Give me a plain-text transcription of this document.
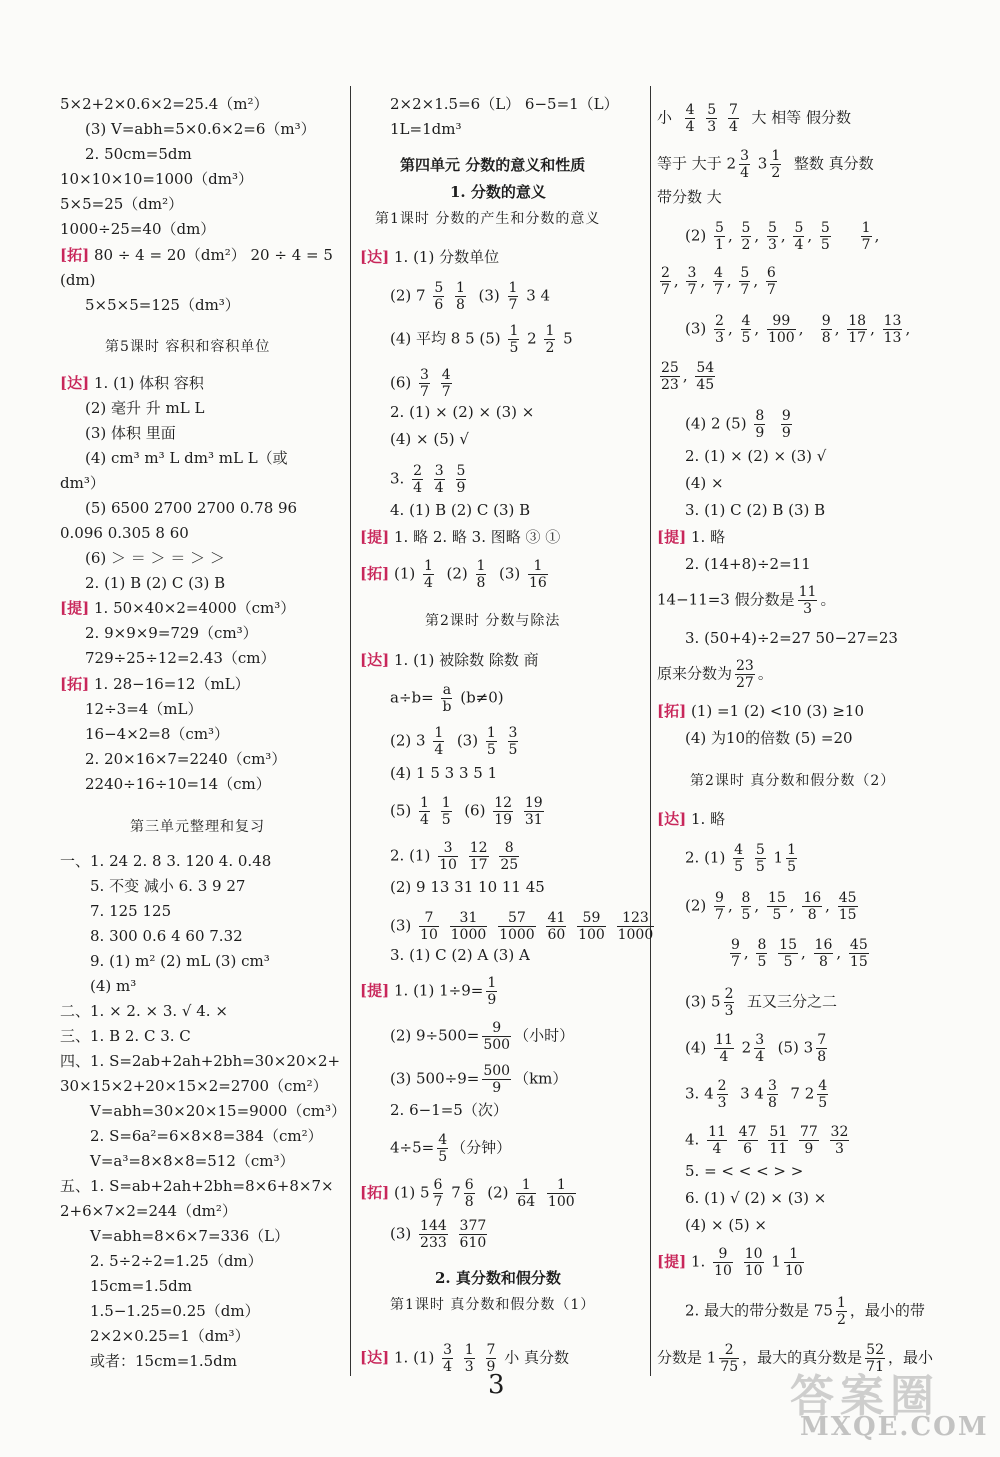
5×2+2×0.6×2=25.4（m²）
(3) V=abh=5×0.6×2=6（m³）
2. 50cm=5dm
10×10×10=1000（dm³）
5×5=25（dm²）
1000÷25=40（dm）
[拓] 80 ÷ 4 = 20（dm²） 20 ÷ 4 = 5
(dm)
5×5×5=125（dm³）
第5课时 容积和容积单位
[达] 1. (1) 体积 容积
(2) 毫升 升 mL L
(3) 体积 里面
(4) cm³ m³ L dm³ mL L（或
dm³）
(5) 6500 2700 2700 0.78 96
0.096 0.305 8 60
(6) ＞ ＝ ＞ ＝ ＞ ＞
2. (1) B (2) C (3) B
[提] 1. 50×40×2=4000（cm³）
2. 9×9×9=729（cm³）
729÷25÷12=2.43（cm）
[拓] 1. 28−16=12（mL）
12÷3=4（mL）
16−4×2=8（cm³）
2. 20×16×7=2240（cm³）
2240÷16÷10=14（cm）
第三单元整理和复习
一、1. 24 2. 8 3. 120 4. 0.48
5. 不变 减小 6. 3 9 27
7. 125 125
8. 300 0.6 4 60 7.32
9. (1) m² (2) mL (3) cm³
(4) m³
二、1. × 2. × 3. √ 4. ×
三、1. B 2. C 3. C
四、1. S=2ab+2ah+2bh=30×20×2+
30×15×2+20×15×2=2700（cm²）
V=abh=30×20×15=9000（cm³）
2. S=6a²=6×8×8=384（cm²）
V=a³=8×8×8=512（cm³）
五、1. S=ab+2ah+2bh=8×6+8×7×
2+6×7×2=244（dm²）
V=abh=8×6×7=336（L）
2. 5÷2÷2=1.25（dm）
15cm=1.5dm
1.5−1.25=0.25（dm）
2×2×0.25=1（dm³）
或者：15cm=1.5dm
2×2×1.5=6（L） 6−5=1（L）
1L=1dm³
第四单元 分数的意义和性质
1. 分数的意义
第1课时 分数的产生和分数的意义
[达] 1. (1) 分数单位
(2) $7 \frac{5}{6}$
$\frac{1}{8} (3) \frac{1}{7} 3$ 4
(4) 平均 8 5 $(5) \frac{1}{5} 2 \frac{1}{2} 5$
$(6) \frac{3}{7}$
$\frac{4}{7}$
2. (1) × (2) × (3) ×
(4) × (5) √
3. $\frac{2}{4}$
$\frac{3}{4}$
$\frac{5}{9}$
4. (1) B (2) C (3) B
[提] 1. 略 2. 略 3. 图略 ③ ①
[拓] $(1) \frac{1}{4} (2) \frac{1}{8} (3) \frac{1}{16}$
第2课时 分数与除法
[达] 1. (1) 被除数 除数 商
$a\div b= \frac{a}{b} (b\ne 0)$
(2) $3 \frac{1}{4} (3) \frac{1}{5}$
$\frac{3}{5}$
(4) 1 5 3 3 5 1
$(5) \frac{1}{4}$
$\frac{1}{5} (6) \frac{12}{19}$
$\frac{19}{31}$
2. $(1) \frac{3}{10}$
$\frac{12}{17}$
$\frac{8}{25}$
(2) 9 13 31 10 11 45
$(3) \frac{7}{10}$
$\frac{31}{1000}$
$\frac{57}{1000}$
$\frac{41}{60}$
$\frac{59}{100}$
$\frac{123}{1000}$
3. (1) C (2) A (3) A
[提] 1. (1) $1\div 9= \frac{1}{9}$
(2) $9\div 500= \frac{9}{500}$ （小时）
(3) $500\div 9= \frac{500}{9} (km)$
2. 6−1=5（次）
$4\div 5= \frac{4}{5}$ （分钟）
[拓] (1) $5 \frac{6}{7} 7 \frac{6}{8} (2) \frac{1}{64}$
$\frac{1}{100}$
$(3) \frac{144}{233}$
$\frac{377}{610}$
2. 真分数和假分数
第1课时 真分数和假分数（1）
[达] 1. $(1) \frac{3}{4}$
$\frac{1}{3}$
$\frac{7}{9}$ 小 真分数
小 $\frac{4}{4}$
$\frac{5}{3}$
$\frac{7}{4}$ 大 相等 假分数
等于 大于 $2 \frac{3}{4} 3 \frac{1}{2}$ 整数 真分数
带分数 大
$(2) \frac{5}{1}$ , $\frac{5}{2}$ , $\frac{5}{3}$ , $\frac{5}{4}$ , $\frac{5}{5}$
$\frac{1}{7}$ ,
$\frac{2}{7}$ , $\frac{3}{7}$ , $\frac{4}{7}$ , $\frac{5}{7}$ , $\frac{6}{7}$
$(3) \frac{2}{3}$ , $\frac{4}{5}$ , $\frac{99}{100}$ , $\frac{9}{8}$ , $\frac{18}{17}$ , $\frac{13}{13}$ ,
$\frac{25}{23}$ , $\frac{54}{45}$
(4) 2 $(5) \frac{8}{9}$
$\frac{9}{9}$
2. (1) × (2) × (3) √
(4) ×
3. (1) C (2) B (3) B
[提] 1. 略
2. (14+8)÷2=11
14−11=3 假分数是 $\frac{11}{3}$ 。
3. (50+4)÷2=27 50−27=23
原来分数为 $\frac{23}{27}$ 。
[拓] (1) =1 (2) <10 (3) ≥10
(4) 为10的倍数 (5) =20
第2课时 真分数和假分数（2）
[达] 1. 略
2. $(1) \frac{4}{5}$
$\frac{5}{5} 1 \frac{1}{5}$
$(2) \frac{9}{7}$ , $\frac{8}{5}$ , $\frac{15}{5}$ , $\frac{16}{8}$ , $\frac{45}{15}$
$\frac{9}{7}$ , $\frac{8}{5}$
$\frac{15}{5}$ , $\frac{16}{8}$ , $\frac{45}{15}$
(3) $5 \frac{2}{3}$ 五又三分之二
$(4) \frac{11}{4} 2 \frac{3}{4} (5)$ $3 \frac{7}{8}$
3. $4 \frac{2}{3} 3$ $4 \frac{3}{8} 7$ $2 \frac{4}{5}$
4. $\frac{11}{4}$
$\frac{47}{6}$
$\frac{51}{11}$
$\frac{77}{9}$
$\frac{32}{3}$
5. = < < < > >
6. (1) √ (2) × (3) ×
(4) × (5) ×
[提] 1. $\frac{9}{10}$
$\frac{10}{10} 1 \frac{1}{10}$
2. 最大的带分数是 $75 \frac{1}{2}$ ，最小的带
分数是 $1 \frac{2}{75}$ ，最大的真分数是 $\frac{52}{71}$ ，最小
3	答案圈
MXQE.COM
